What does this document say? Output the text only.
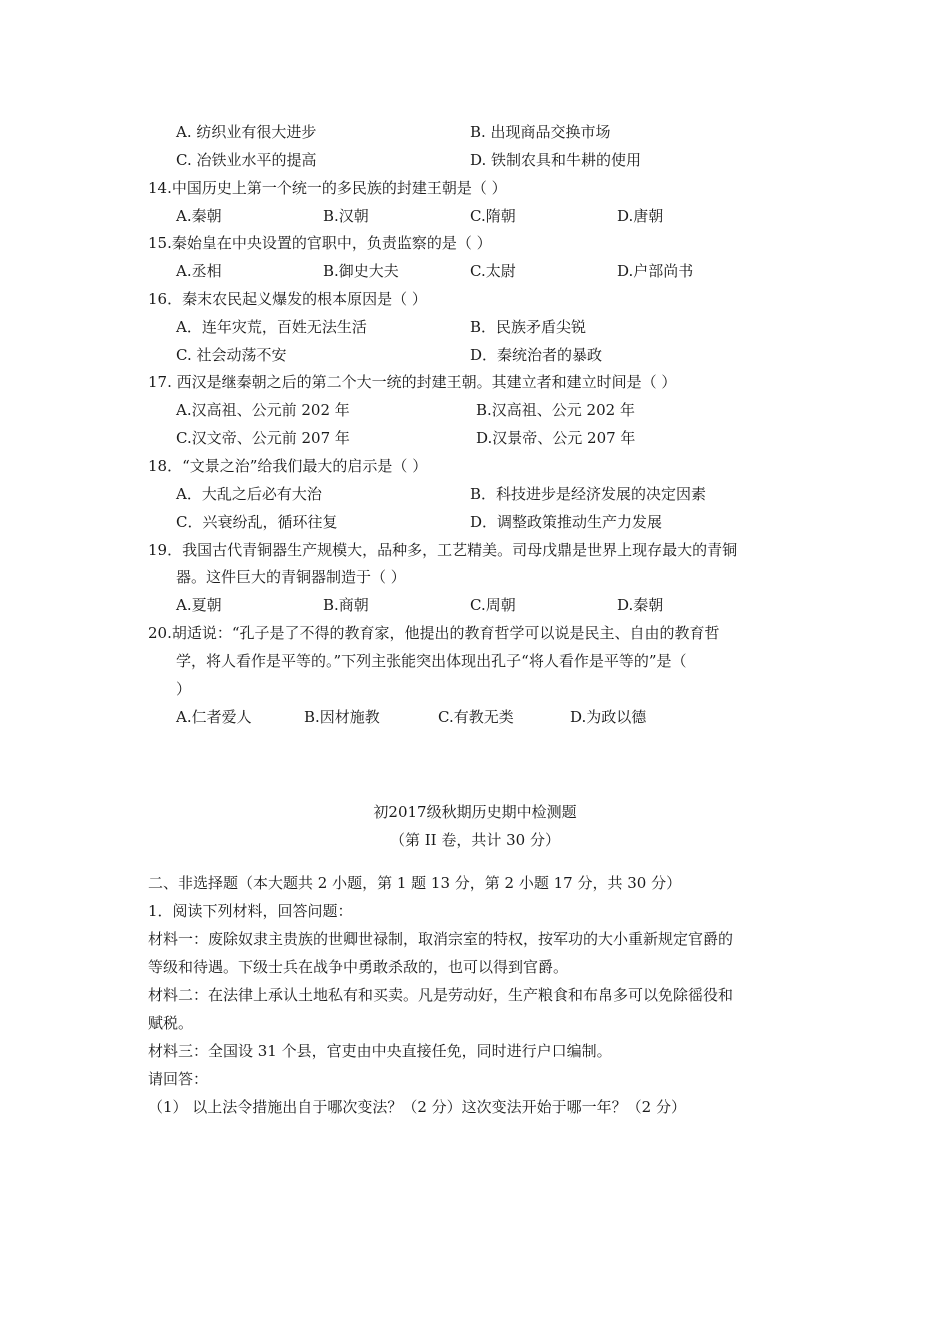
A. 纺织业有很大进步	B. 出现商品交换市场
C. 冶铁业水平的提高	D. 铁制农具和牛耕的使用
14.中国历史上第一个统一的多民族的封建王朝是（ ）
A.秦朝	B.汉朝	C.隋朝	D.唐朝
15.秦始皇在中央设置的官职中，负责监察的是（ ）
A.丞相	B.御史大夫	C.太尉	D.户部尚书
16．秦末农民起义爆发的根本原因是（ ）
A．连年灾荒，百姓无法生活	B．民族矛盾尖锐
C. 社会动荡不安	D．秦统治者的暴政
17. 西汉是继秦朝之后的第二个大一统的封建王朝。其建立者和建立时间是（ ）
A.汉高祖、公元前 202 年	B.汉高祖、公元 202 年
C.汉文帝、公元前 207 年	D.汉景帝、公元 207 年
18．“文景之治”给我们最大的启示是（ ）
A．大乱之后必有大治	B．科技进步是经济发展的决定因素
C．兴衰纷乱，循环往复	D．调整政策推动生产力发展
19．我国古代青铜器生产规模大，品种多，工艺精美。司母戊鼎是世界上现存最大的青铜
器。这件巨大的青铜器制造于（ ）
A.夏朝	B.商朝	C.周朝	D.秦朝
20.胡适说：“孔子是了不得的教育家，他提出的教育哲学可以说是民主、自由的教育哲
学，将人看作是平等的。”下列主张能突出体现出孔子“将人看作是平等的”是（
）
A.仁者爱人	B.因材施教	C.有教无类	D.为政以德
初2017级秋期历史期中检测题
（第 II 卷，共计 30 分）
二、非选择题（本大题共 2 小题，第 1 题 13 分，第 2 小题 17 分，共 30 分）
1．阅读下列材料，回答问题：
材料一：废除奴隶主贵族的世卿世禄制，取消宗室的特权，按军功的大小重新规定官爵的
等级和待遇。下级士兵在战争中勇敢杀敌的，也可以得到官爵。
材料二：在法律上承认土地私有和买卖。凡是劳动好，生产粮食和布帛多可以免除徭役和
赋税。
材料三：全国设 31 个县，官吏由中央直接任免，同时进行户口编制。
请回答：
（1） 以上法令措施出自于哪次变法？（2 分）这次变法开始于哪一年？（2 分）
